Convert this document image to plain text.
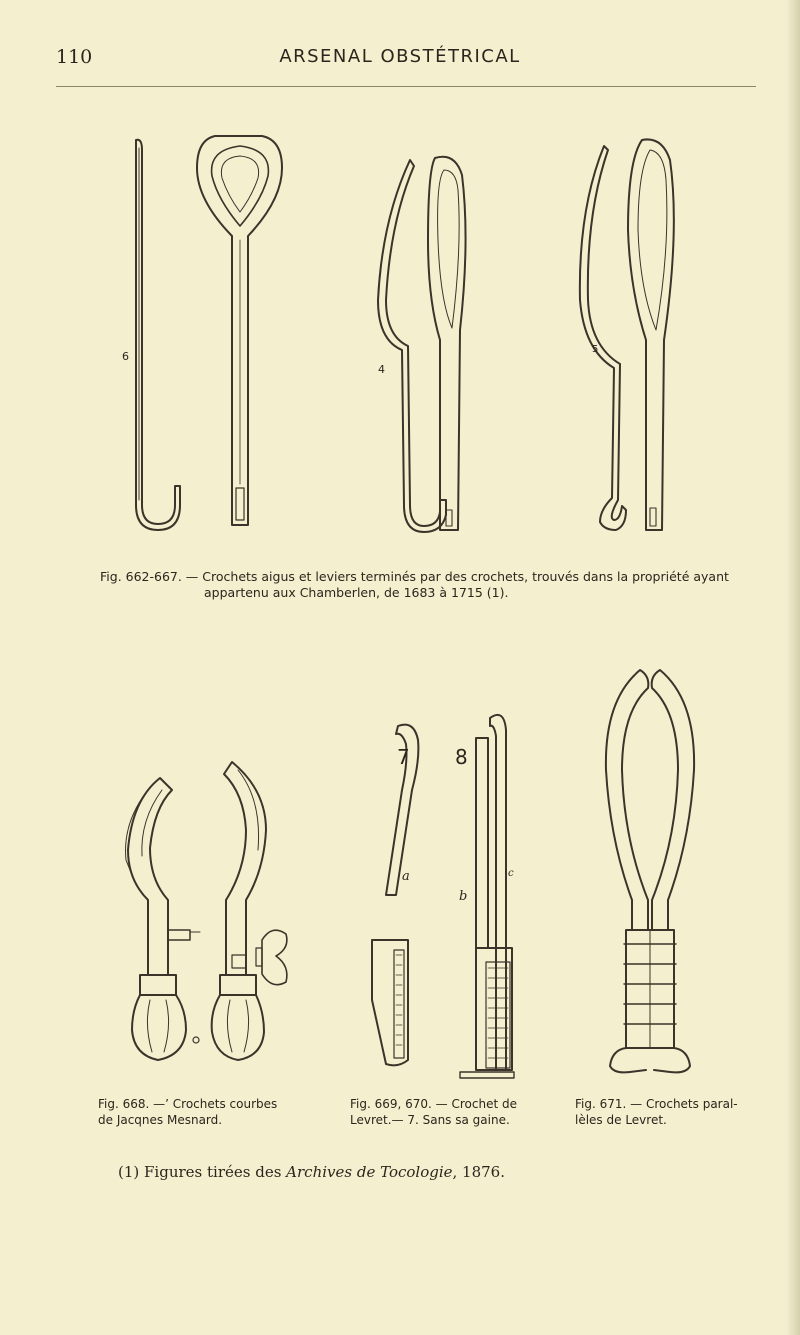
110	ARSENAL OBSTÉTRICAL
6
4
5
7
a
8
b
c
Fig. 662-667. — Crochets aigus et leviers terminés par des crochets, trouvés dans la propriété ayant
appartenu aux Chamberlen, de 1683 à 1715 (1).
Fig. 668. —’ Crochets courbes
de Jacqnes Mesnard.
Fig. 669, 670. — Crochet de
Levret.— 7. Sans sa gaine.
Fig. 671. — Crochets paral-
lèles de Levret.
(1) Figures tirées des Archives de Tocologie, 1876.
